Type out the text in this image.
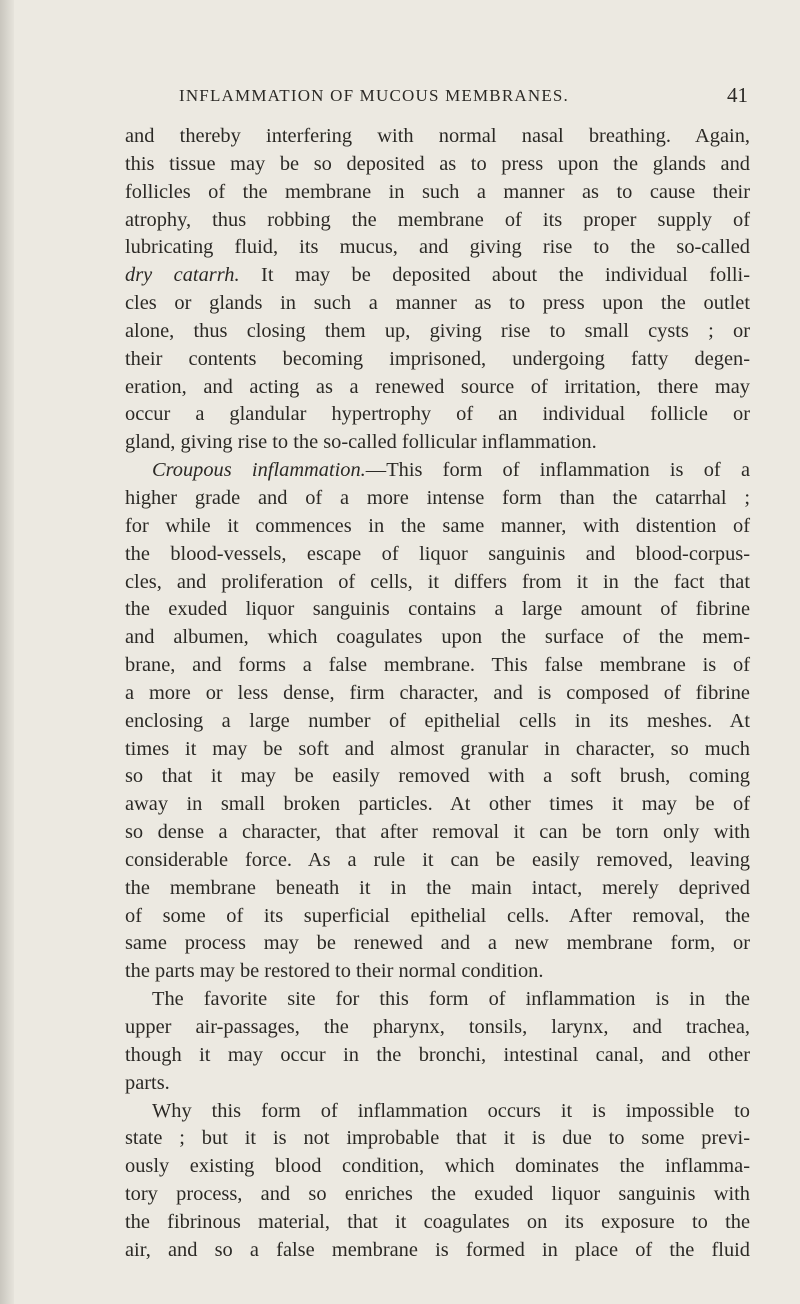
INFLAMMATION OF MUCOUS MEMBRANES.	41
and thereby interfering with normal nasal breathing. Again,
this tissue may be so deposited as to press upon the glands and
follicles of the membrane in such a manner as to cause their
atrophy, thus robbing the membrane of its proper supply of
lubricating fluid, its mucus, and giving rise to the so-called
dry catarrh. It may be deposited about the individual folli-
cles or glands in such a manner as to press upon the outlet
alone, thus closing them up, giving rise to small cysts ; or
their contents becoming imprisoned, undergoing fatty degen-
eration, and acting as a renewed source of irritation, there may
occur a glandular hypertrophy of an individual follicle or
gland, giving rise to the so-called follicular inflammation.
Croupous inflammation.—This form of inflammation is of a
higher grade and of a more intense form than the catarrhal ;
for while it commences in the same manner, with distention of
the blood-vessels, escape of liquor sanguinis and blood-corpus-
cles, and proliferation of cells, it differs from it in the fact that
the exuded liquor sanguinis contains a large amount of fibrine
and albumen, which coagulates upon the surface of the mem-
brane, and forms a false membrane. This false membrane is of
a more or less dense, firm character, and is composed of fibrine
enclosing a large number of epithelial cells in its meshes. At
times it may be soft and almost granular in character, so much
so that it may be easily removed with a soft brush, coming
away in small broken particles. At other times it may be of
so dense a character, that after removal it can be torn only with
considerable force. As a rule it can be easily removed, leaving
the membrane beneath it in the main intact, merely deprived
of some of its superficial epithelial cells. After removal, the
same process may be renewed and a new membrane form, or
the parts may be restored to their normal condition.
The favorite site for this form of inflammation is in the
upper air-passages, the pharynx, tonsils, larynx, and trachea,
though it may occur in the bronchi, intestinal canal, and other
parts.
Why this form of inflammation occurs it is impossible to
state ; but it is not improbable that it is due to some previ-
ously existing blood condition, which dominates the inflamma-
tory process, and so enriches the exuded liquor sanguinis with
the fibrinous material, that it coagulates on its exposure to the
air, and so a false membrane is formed in place of the fluid
